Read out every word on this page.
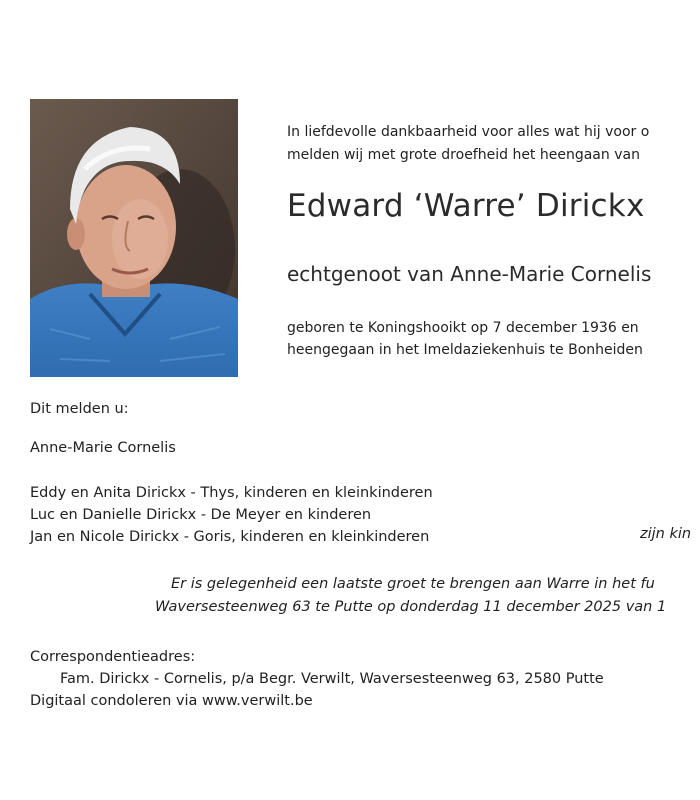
In liefdevolle dankbaarheid voor alles wat hij voor o
melden wij met grote droefheid het heengaan van
Edward ‘Warre’ Dirickx
echtgenoot van Anne-Marie Cornelis
geboren te Koningshooikt op 7 december 1936 en
heengegaan in het Imeldaziekenhuis te Bonheiden
Dit melden u:
Anne-Marie Cornelis
Eddy en Anita Dirickx - Thys, kinderen en kleinkinderen
Luc en Danielle Dirickx - De Meyer en kinderen
Jan en Nicole Dirickx - Goris, kinderen en kleinkinderen	zijn kin
Er is gelegenheid een laatste groet te brengen aan Warre in het fu
Waversesteenweg 63 te Putte op donderdag 11 december 2025 van 1
Correspondentieadres:
Fam. Dirickx - Cornelis, p/a Begr. Verwilt, Waversesteenweg 63, 2580 Putte
Digitaal condoleren via www.verwilt.be
